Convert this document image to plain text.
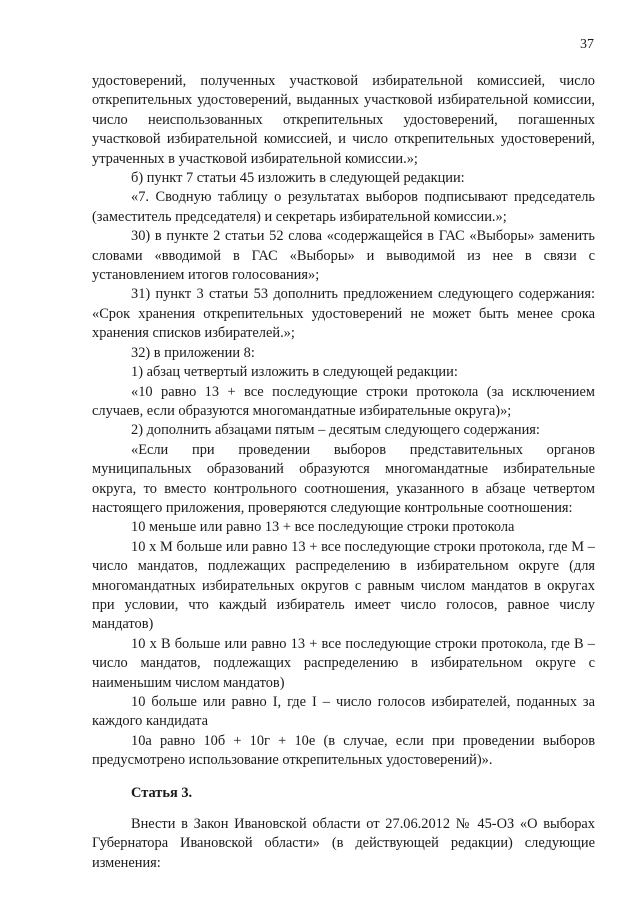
37

удостоверений, полученных участковой избирательной комиссией, число открепительных удостоверений, выданных участковой избирательной комиссии, число неиспользованных открепительных удостоверений, погашенных участковой избирательной комиссией, и число открепительных удостоверений, утраченных в участковой избирательной комиссии.»;

б) пункт 7 статьи 45 изложить в следующей редакции:

«7. Сводную таблицу о результатах выборов подписывают председатель (заместитель председателя) и секретарь избирательной комиссии.»;

30) в пункте 2 статьи 52 слова «содержащейся в ГАС «Выборы» заменить словами «вводимой в ГАС «Выборы» и выводимой из нее в связи с установлением итогов голосования»;

31) пункт 3 статьи 53 дополнить предложением следующего содержания: «Срок хранения открепительных удостоверений не может быть менее срока хранения списков избирателей.»;

32) в приложении 8:

1) абзац четвертый изложить в следующей редакции:

«10 равно 13 + все последующие строки протокола (за исключением случаев, если образуются многомандатные избирательные округа)»;

2) дополнить абзацами пятым – десятым следующего содержания:

«Если при проведении выборов представительных органов муниципальных образований образуются многомандатные избирательные округа, то вместо контрольного соотношения, указанного в абзаце четвертом настоящего приложения, проверяются следующие контрольные соотношения:

10 меньше или равно 13 + все последующие строки протокола

10 х М больше или равно 13 + все последующие строки протокола, где М – число мандатов, подлежащих распределению в избирательном округе (для многомандатных избирательных округов с равным числом мандатов в округах при условии, что каждый избиратель имеет число голосов, равное числу мандатов)

10 х В больше или равно 13 + все последующие строки протокола, где В – число мандатов, подлежащих распределению в избирательном округе с наименьшим числом мандатов)

10 больше или равно I, где I – число голосов избирателей, поданных за каждого кандидата

10а равно 10б + 10г + 10е (в случае, если при проведении выборов предусмотрено использование открепительных удостоверений)».

Статья 3.

Внести в Закон Ивановской области от 27.06.2012 № 45-ОЗ «О выборах Губернатора Ивановской области» (в действующей редакции) следующие изменения:
